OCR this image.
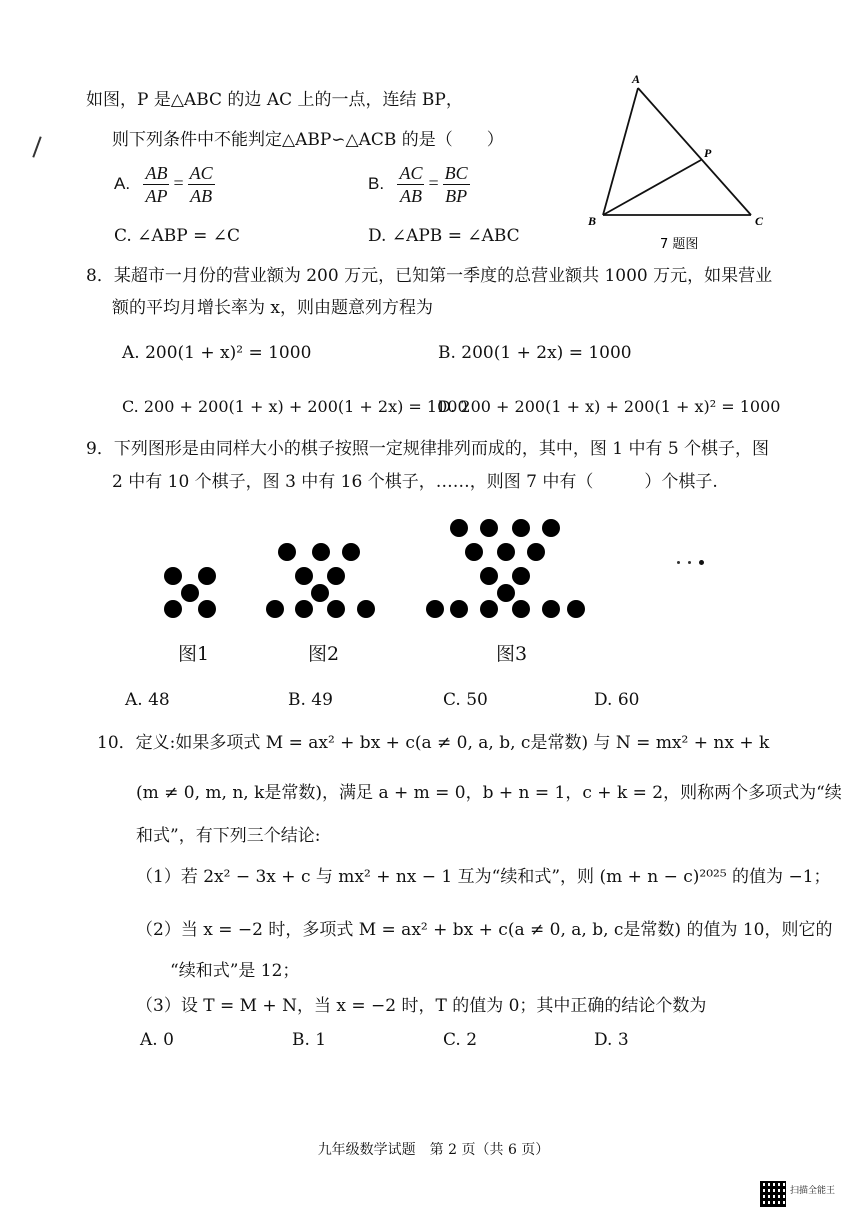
如图，P 是△ABC 的边 AC 上的一点，连结 BP，
则下列条件中不能判定△ABP∽△ACB 的是（　　）
A. $\frac{AB}{AP} = \frac{AC}{AB}$	B. $\frac{AC}{AB} = \frac{BC}{BP}$
C. ∠ABP = ∠C	D. ∠APB = ∠ABC
A
P
B	C
7 题图
8．某超市一月份的营业额为 200 万元，已知第一季度的总营业额共 1000 万元，如果营业
额的平均月增长率为 x，则由题意列方程为
A. 200(1 + x)² = 1000	B. 200(1 + 2x) = 1000
C. 200 + 200(1 + x) + 200(1 + 2x) = 1000
D. 200 + 200(1 + x) + 200(1 + x)² = 1000
9．下列图形是由同样大小的棋子按照一定规律排列而成的，其中，图 1 中有 5 个棋子，图
2 中有 10 个棋子，图 3 中有 16 个棋子，……，则图 7 中有（　　　）个棋子.
图1	图2	图3
A. 48	B. 49	C. 50	D. 60
10．定义:如果多项式 M = ax² + bx + c(a ≠ 0, a, b, c是常数) 与 N = mx² + nx + k
(m ≠ 0, m, n, k是常数)，满足 a + m = 0，b + n = 1，c + k = 2，则称两个多项式为“续
和式”，有下列三个结论:
（1）若 2x² − 3x + c 与 mx² + nx − 1 互为“续和式”，则 (m + n − c)²⁰²⁵ 的值为 −1；
（2）当 x = −2 时，多项式 M = ax² + bx + c(a ≠ 0, a, b, c是常数) 的值为 10，则它的
“续和式”是 12；
（3）设 T = M + N，当 x = −2 时，T 的值为 0；其中正确的结论个数为
A. 0	B. 1	C. 2	D. 3
九年级数学试题　第 2 页（共 6 页）
扫描全能王
